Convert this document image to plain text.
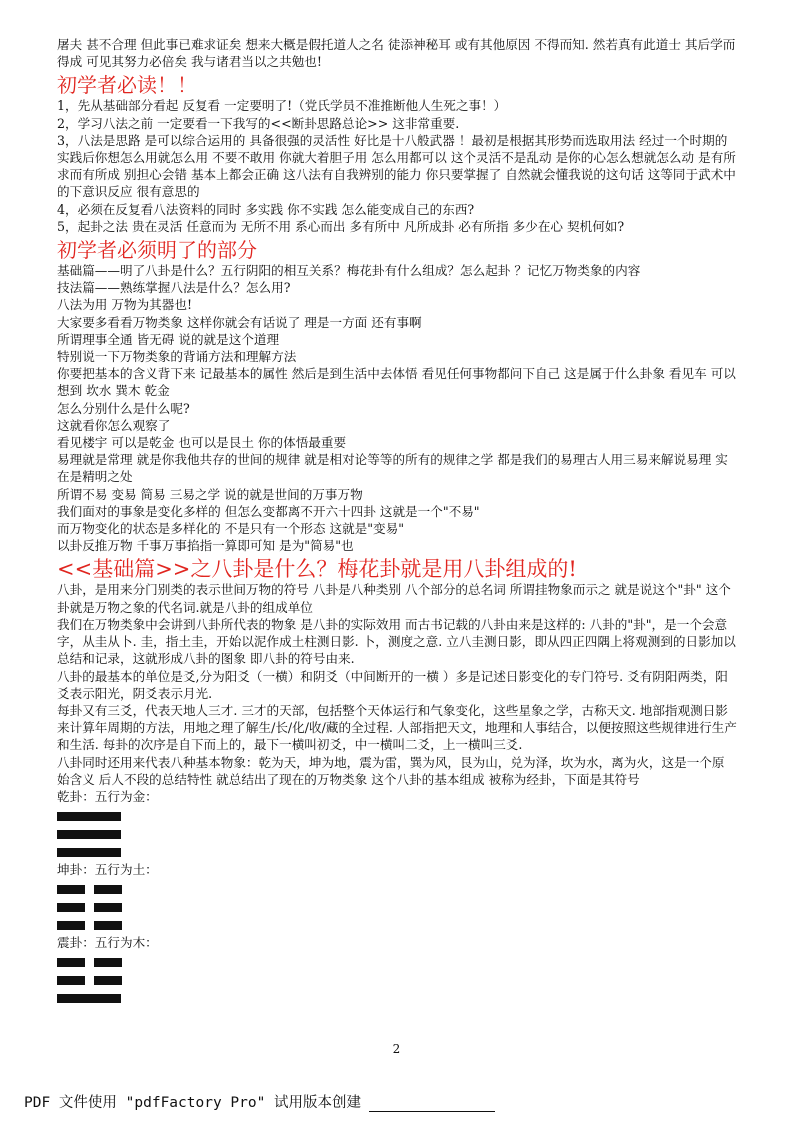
屠夫 甚不合理 但此事已难求证矣 想来大概是假托道人之名 徒添神秘耳 或有其他原因 不得而知. 然若真有此道士 其后学而得成 可见其努力必倍矣 我与诸君当以之共勉也!

初学者必读！！

1，先从基础部分看起 反复看 一定要明了!（党氏学员不准推断他人生死之事！）

2，学习八法之前 一定要看一下我写的<<断卦思路总论>> 这非常重要.

3，八法是思路 是可以综合运用的 具备很强的灵活性 好比是十八般武器 ！最初是根据其形势而选取用法 经过一个时期的实践后你想怎么用就怎么用 不要不敢用 你就大着胆子用 怎么用都可以 这个灵活不是乱动 是你的心怎么想就怎么动 是有所求而有所成 别担心会错 基本上都会正确 这八法有自我辨别的能力 你只要掌握了 自然就会懂我说的这句话 这等同于武术中的下意识反应 很有意思的

4，必须在反复看八法资料的同时 多实践 你不实践 怎么能变成自己的东西?

5，起卦之法 贵在灵活 任意而为 无所不用 系心而出 多有所中 凡所成卦 必有所指 多少在心 契机何如?

初学者必须明了的部分

基础篇——明了八卦是什么？五行阴阳的相互关系？梅花卦有什么组成？怎么起卦 ？记忆万物类象的内容

技法篇——熟练掌握八法是什么？怎么用?

八法为用 万物为其器也!

大家要多看看万物类象 这样你就会有话说了 理是一方面 还有事啊

所谓理事全通 皆无碍 说的就是这个道理

特别说一下万物类象的背诵方法和理解方法

你要把基本的含义背下来 记最基本的属性 然后是到生活中去体悟 看见任何事物都问下自己 这是属于什么卦象 看见车 可以想到 坎水 巽木 乾金

怎么分别什么是什么呢?

这就看你怎么观察了

看见楼宇 可以是乾金 也可以是艮土 你的体悟最重要

易理就是常理 就是你我他共存的世间的规律 就是相对论等等的所有的规律之学 都是我们的易理古人用三易来解说易理 实在是精明之处

所谓不易 变易 简易 三易之学 说的就是世间的万事万物

我们面对的事象是变化多样的 但怎么变都离不开六十四卦 这就是一个"不易"

而万物变化的状态是多样化的 不是只有一个形态 这就是"变易"

以卦反推万物 千事万事掐指一算即可知 是为"简易"也

<<基础篇>>之八卦是什么？梅花卦就是用八卦组成的!

八卦，是用来分门别类的表示世间万物的符号 八卦是八种类别 八个部分的总名词 所谓挂物象而示之 就是说这个"卦" 这个卦就是万物之象的代名词.就是八卦的组成单位

我们在万物类象中会讲到八卦所代表的物象 是八卦的实际效用 而古书记载的八卦由来是这样的: 八卦的"卦"，是一个会意字，从圭从卜. 圭，指土圭，开始以泥作成土柱测日影. 卜，测度之意. 立八圭测日影，即从四正四隅上将观测到的日影加以总结和记录，这就形成八卦的图象 即八卦的符号由来.

八卦的最基本的单位是爻,分为阳爻（一横）和阴爻（中间断开的一横 ）多是记述日影变化的专门符号. 爻有阴阳两类，阳爻表示阳光，阴爻表示月光.

每卦又有三爻，代表天地人三才. 三才的天部，包括整个天体运行和气象变化，这些星象之学，古称天文. 地部指观测日影来计算年周期的方法，用地之理了解生/长/化/收/藏的全过程. 人部指把天文，地理和人事结合，以便按照这些规律进行生产和生活. 每卦的次序是自下而上的，最下一横叫初爻，中一横叫二爻，上一横叫三爻.

八卦同时还用来代表八种基本物象：乾为天，坤为地，震为雷，巽为风，艮为山，兑为泽，坎为水，离为火，这是一个原始含义 后人不段的总结特性 就总结出了现在的万物类象 这个八卦的基本组成 被称为经卦，下面是其符号

乾卦：五行为金：

坤卦：五行为土：

震卦：五行为木：

2
PDF 文件使用 "pdfFactory Pro" 试用版本创建
